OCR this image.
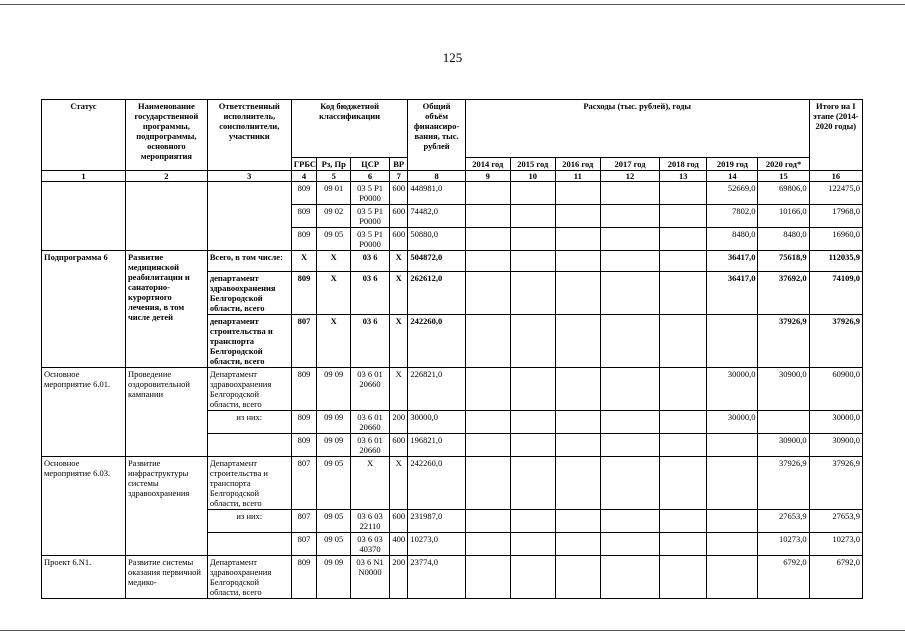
125
Статус	Наименование государственной программы, подпрограммы, основного мероприятия	Ответственный исполнитель, соисполнители, участники	Код бюджетной классификации				Общий объём финансиро-вания, тыс. рублей	Расходы (тыс. рублей), годы							Итого на I этапе (2014-2020 годы)
			ГРБС	Рз, Пр	ЦСР	ВР		2014 год	2015 год	2016 год	2017 год	2018 год	2019 год	2020 год*	
1	2	3	4	5	6	7	8	9	10	11	12	13	14	15	16
			809	09 01	03 5 Р1 Р0000	600	448981,0						52669,0	69806,0	122475,0
			809	09 02	03 5 Р1 Р0000	600	74482,0						7802,0	10166,0	17968,0
			809	09 05	03 5 Р1 Р0000	600	50880,0						8480,0	8480,0	16960,0
Подпрограмма 6	Развитие медицинской реабилитации и санаторно-курортного лечения, в том числе детей	Всего, в том числе:	Х	Х	03 6	Х	504872,0						36417,0	75618,9	112035,9
		департамент здравоохранения Белгородской области, всего	809	Х	03 6	Х	262612,0						36417,0	37692,0	74109,0
		департамент строительства и транспорта Белгородской области, всего	807	Х	03 6	Х	242260,0							37926,9	37926,9
Основное мероприятие 6.01.	Проведение оздоровительной кампании	Департамент здравоохранения Белгородской области, всего	809	09 09	03 6 01 20660	Х	226821,0						30000,0	30900,0	60900,0
		из них:	809	09 09	03 6 01 20660	200	30000,0						30000,0		30000,0
			809	09 09	03 6 01 20660	600	196821,0							30900,0	30900,0
Основное мероприятие 6.03.	Развитие инфраструктуры системы здравоохранения	Департамент строительства и транспорта Белгородской области, всего	807	09 05	Х	Х	242260,0							37926,9	37926,9
		из них:	807	09 05	03 6 03 22110	600	231987,0							27653,9	27653,9
			807	09 05	03 6 03 40370	400	10273,0							10273,0	10273,0
Проект 6.N1.	Развитие системы оказания первичной медико-	Департамент здравоохранения Белгородской области, всего	809	09 09	03 6 N1 N0000	200	23774,0							6792,0	6792,0
